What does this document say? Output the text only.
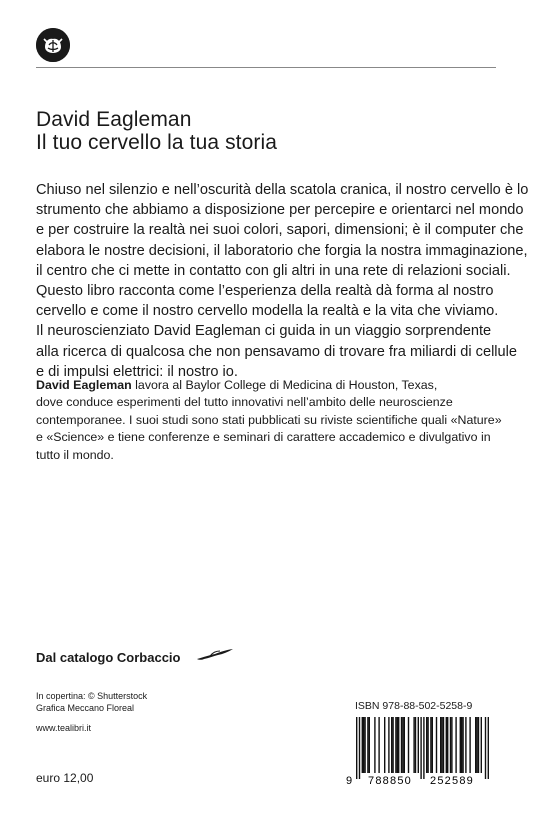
David Eagleman
Il tuo cervello la tua storia
Chiuso nel silenzio e nell’oscurità della scatola cranica, il nostro cervello è lo
strumento che abbiamo a disposizione per percepire e orientarci nel mondo
e per costruire la realtà nei suoi colori, sapori, dimensioni; è il computer che
elabora le nostre decisioni, il laboratorio che forgia la nostra immaginazione,
il centro che ci mette in contatto con gli altri in una rete di relazioni sociali.
Questo libro racconta come l’esperienza della realtà dà forma al nostro
cervello e come il nostro cervello modella la realtà e la vita che viviamo.
Il neuroscienziato David Eagleman ci guida in un viaggio sorprendente
alla ricerca di qualcosa che non pensavamo di trovare fra miliardi di cellule
e di impulsi elettrici: il nostro io.
David Eagleman lavora al Baylor College di Medicina di Houston, Texas,
dove conduce esperimenti del tutto innovativi nell’ambito delle neuroscienze
contemporanee. I suoi studi sono stati pubblicati su riviste scientifiche quali «Nature»
e «Science» e tiene conferenze e seminari di carattere accademico e divulgativo in
tutto il mondo.
Dal catalogo Corbaccio
In copertina: © Shutterstock
Grafica Meccano Floreal
www.tealibri.it
euro 12,00
ISBN 978-88-502-5258-9
9 788850 252589
